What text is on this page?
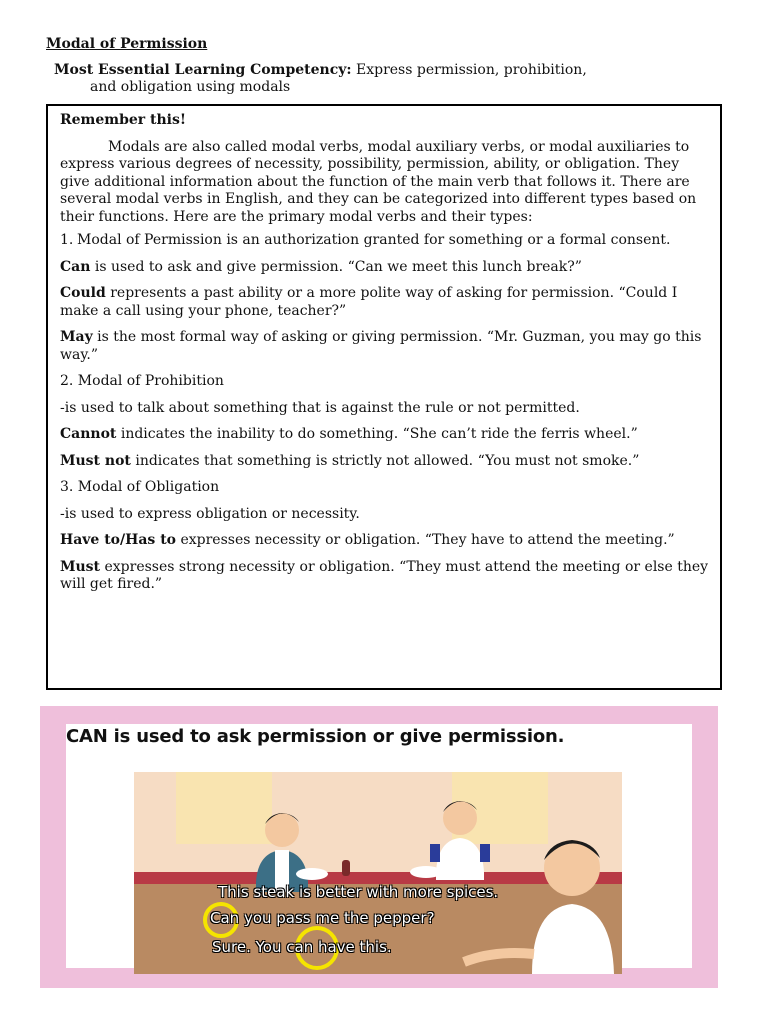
Modal of Permission
Most Essential Learning Competency: Express permission, prohibition,
and obligation using modals

Remember this!

Modals are also called modal verbs, modal auxiliary verbs, or modal auxiliaries to express various degrees of necessity, possibility, permission, ability, or obligation. They give additional information about the function of the main verb that follows it. There are several modal verbs in English, and they can be categorized into different types based on their functions. Here are the primary modal verbs and their types:

1. Modal of Permission is an authorization granted for something or a formal consent.

Can is used to ask and give permission. “Can we meet this lunch break?”

Could represents a past ability or a more polite way of asking for permission. “Could I make a call using your phone, teacher?”

May is the most formal way of asking or giving permission. “Mr. Guzman, you may go this way.”

2. Modal of Prohibition

-is used to talk about something that is against the rule or not permitted.

Cannot indicates the inability to do something. “She can’t ride the ferris wheel.”

Must not indicates that something is strictly not allowed. “You must not smoke.”

3. Modal of Obligation

-is used to express obligation or necessity.

Have to/Has to expresses necessity or obligation. “They have to attend the meeting.”

Must expresses strong necessity or obligation. “They must attend the meeting or else they will get fired.”

CAN is used to ask permission or give permission.
This steak is better with more spices.
Can you pass me the pepper?
Sure. You can have this.
